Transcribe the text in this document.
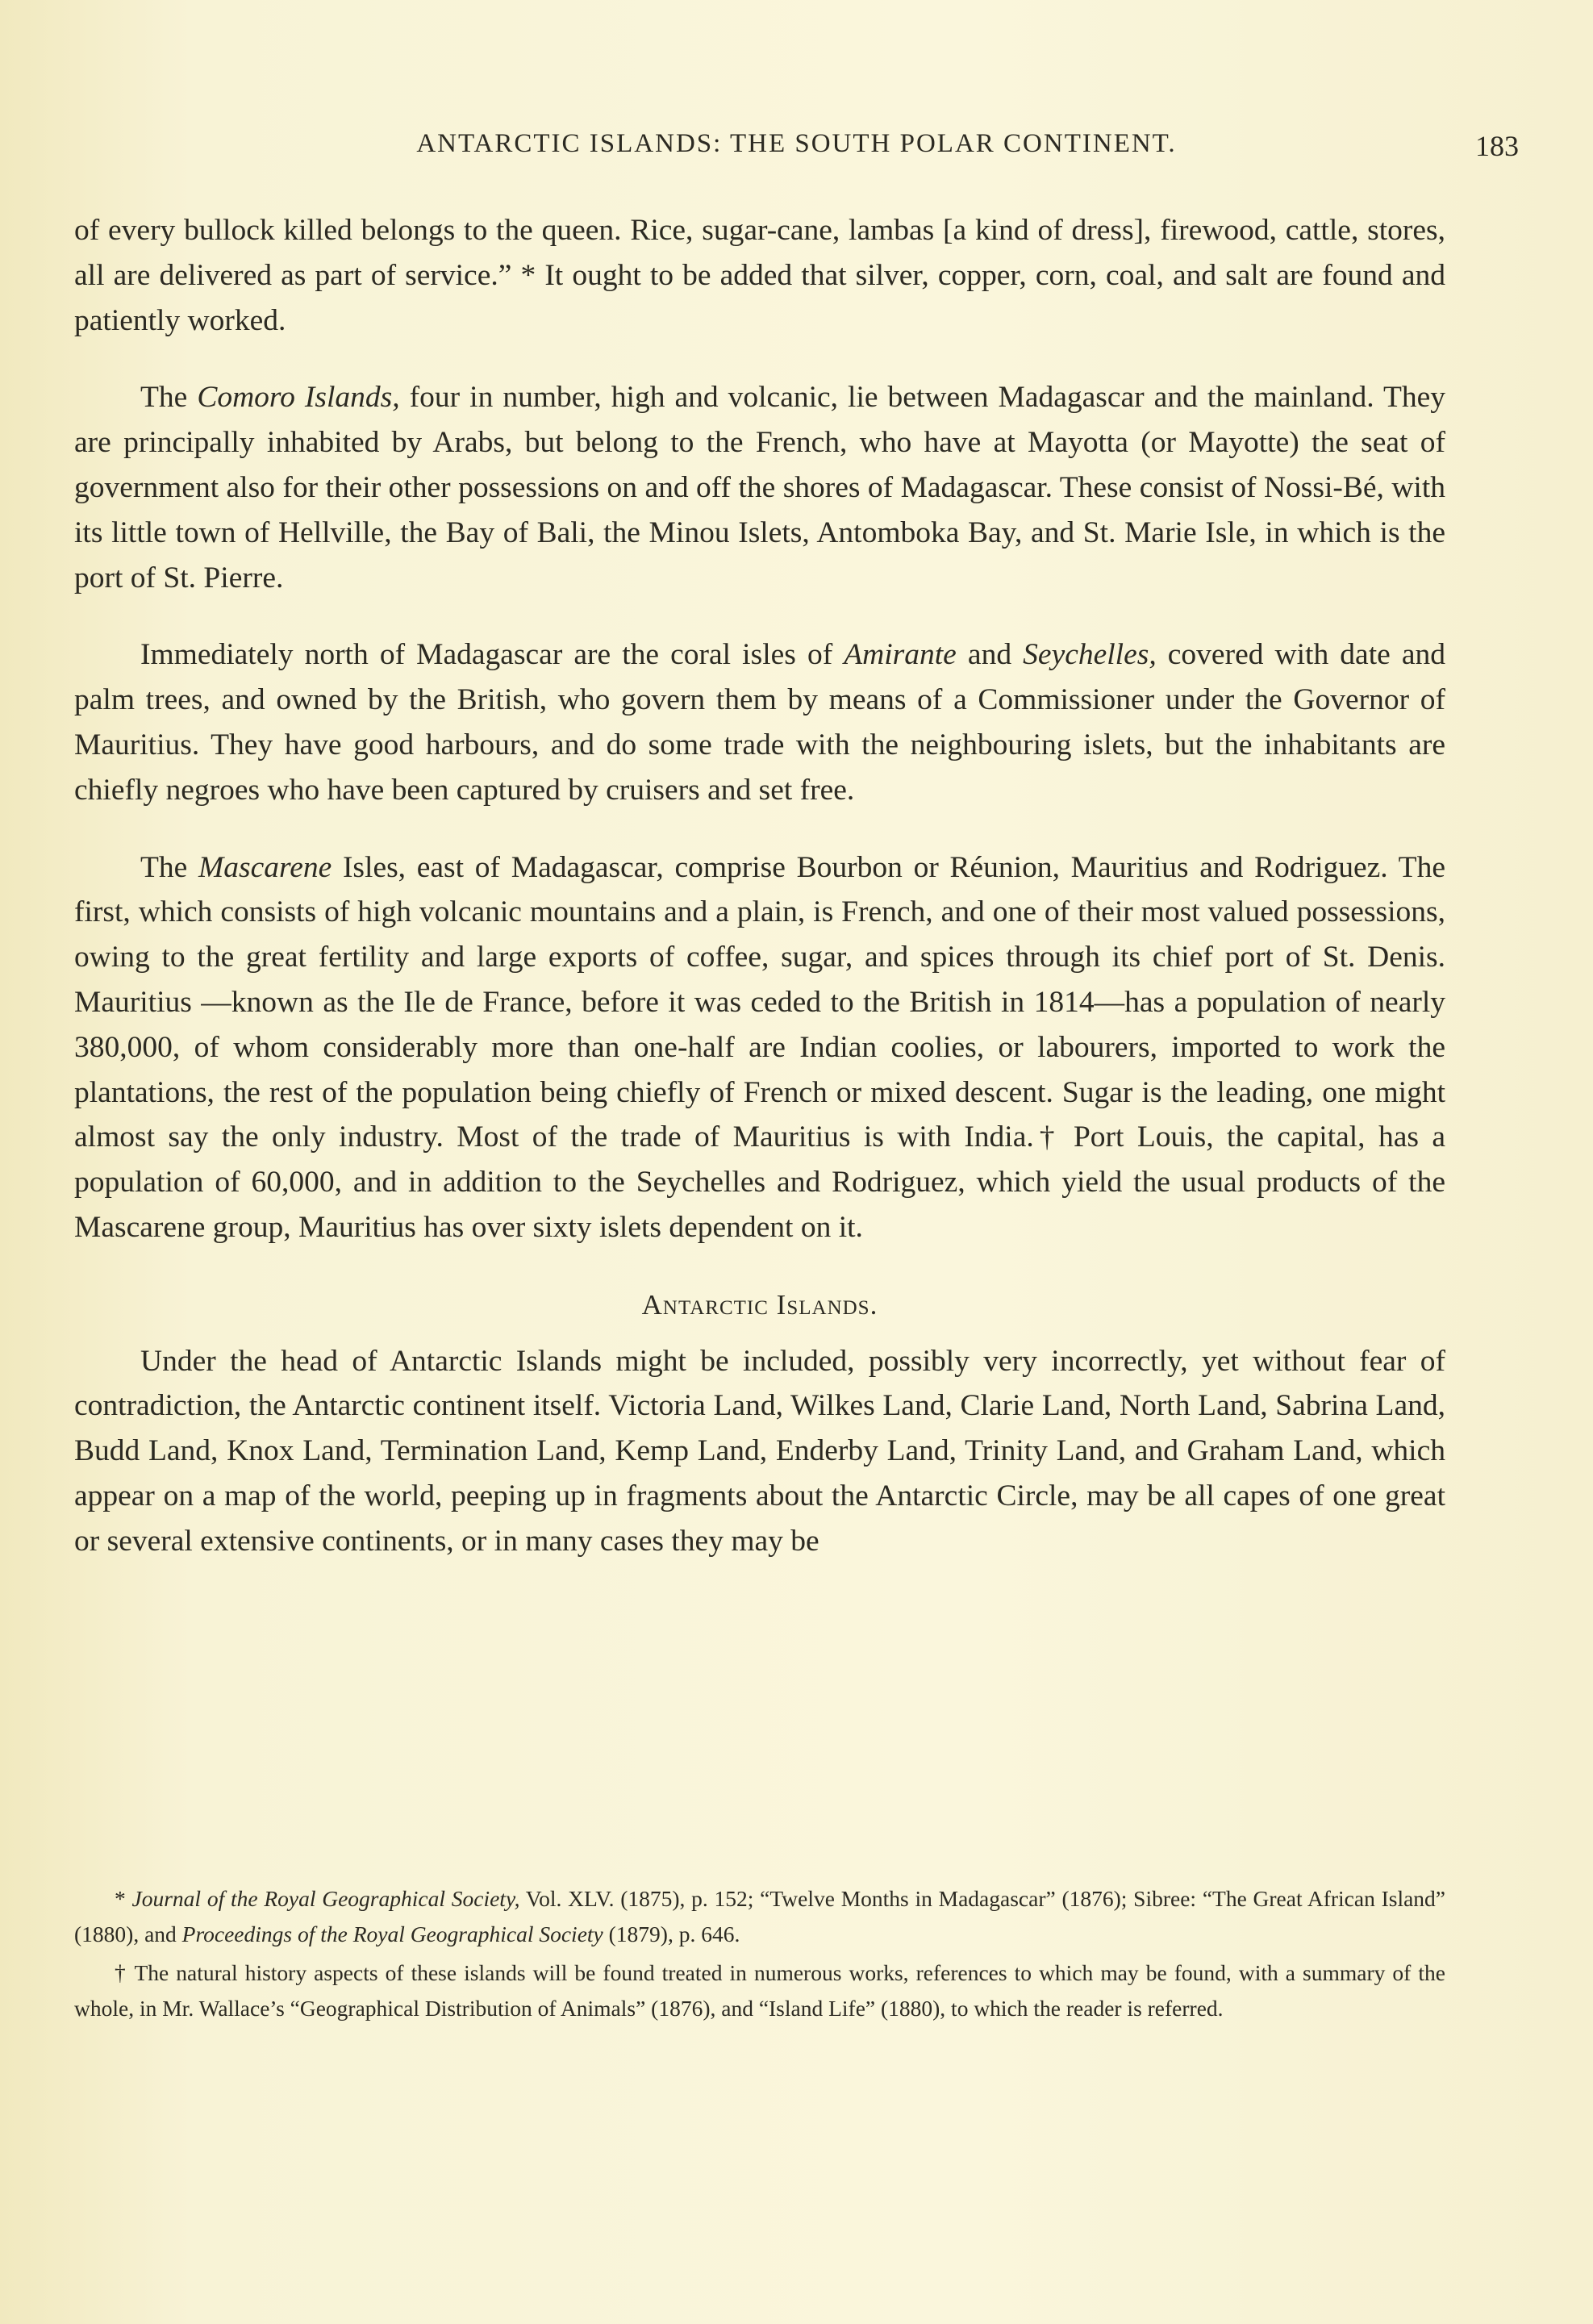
ANTARCTIC ISLANDS: THE SOUTH POLAR CONTINENT.	183

of every bullock killed belongs to the queen. Rice, sugar-cane, lambas [a kind of dress], firewood, cattle, stores, all are delivered as part of service.” * It ought to be added that silver, copper, corn, coal, and salt are found and patiently worked.

The Comoro Islands, four in number, high and volcanic, lie between Madagascar and the mainland. They are principally inhabited by Arabs, but belong to the French, who have at Mayotta (or Mayotte) the seat of government also for their other possessions on and off the shores of Madagascar. These consist of Nossi-Bé, with its little town of Hellville, the Bay of Bali, the Minou Islets, Antomboka Bay, and St. Marie Isle, in which is the port of St. Pierre.

Immediately north of Madagascar are the coral isles of Amirante and Seychelles, covered with date and palm trees, and owned by the British, who govern them by means of a Commissioner under the Governor of Mauritius. They have good harbours, and do some trade with the neighbouring islets, but the inhabitants are chiefly negroes who have been captured by cruisers and set free.

The Mascarene Isles, east of Madagascar, comprise Bourbon or Réunion, Mauritius and Rodriguez. The first, which consists of high volcanic mountains and a plain, is French, and one of their most valued possessions, owing to the great fertility and large exports of coffee, sugar, and spices through its chief port of St. Denis. Mauritius —known as the Ile de France, before it was ceded to the British in 1814—has a population of nearly 380,000, of whom considerably more than one-half are Indian coolies, or labourers, imported to work the plantations, the rest of the population being chiefly of French or mixed descent. Sugar is the leading, one might almost say the only industry. Most of the trade of Mauritius is with India.† Port Louis, the capital, has a population of 60,000, and in addition to the Seychelles and Rodriguez, which yield the usual products of the Mascarene group, Mauritius has over sixty islets dependent on it.

Antarctic Islands.

Under the head of Antarctic Islands might be included, possibly very incorrectly, yet without fear of contradiction, the Antarctic continent itself. Victoria Land, Wilkes Land, Clarie Land, North Land, Sabrina Land, Budd Land, Knox Land, Termination Land, Kemp Land, Enderby Land, Trinity Land, and Graham Land, which appear on a map of the world, peeping up in fragments about the Antarctic Circle, may be all capes of one great or several extensive continents, or in many cases they may be

* Journal of the Royal Geographical Society, Vol. XLV. (1875), p. 152; “Twelve Months in Madagascar” (1876); Sibree: “The Great African Island” (1880), and Proceedings of the Royal Geographical Society (1879), p. 646.

† The natural history aspects of these islands will be found treated in numerous works, references to which may be found, with a summary of the whole, in Mr. Wallace’s “Geographical Distribution of Animals” (1876), and “Island Life” (1880), to which the reader is referred.
